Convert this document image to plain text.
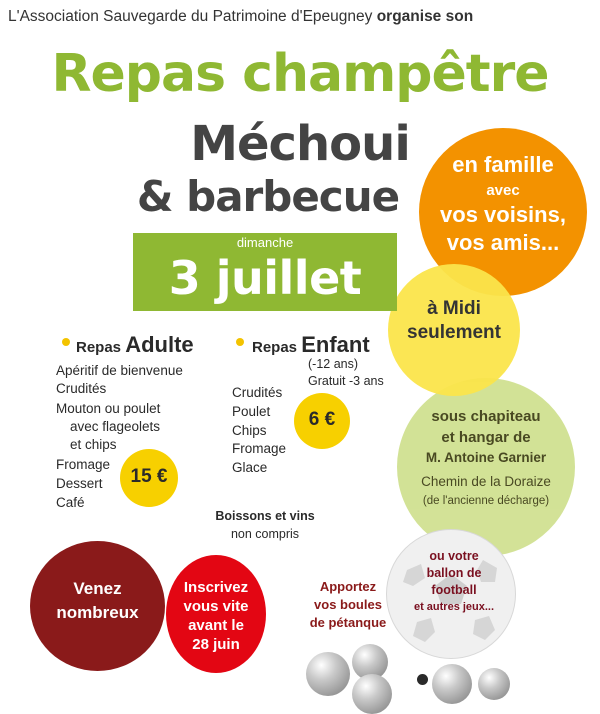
L'Association Sauvegarde du Patrimoine d'Epeugney organise son
Repas champêtre
Méchoui
& barbecue
en famille
avec
vos voisins,
vos amis...
sous chapiteau
et hangar de
M. Antoine Garnier
Chemin de la Doraize
(de l'ancienne décharge)
à Midi
seulement
dimanche
3 juillet
Repas Adulte
Apéritif de bienvenue
Crudités
Mouton ou poulet
avec flageolets
et chips
Fromage
Dessert
Café
15 €
Repas Enfant
(-12 ans)
Gratuit -3 ans
Crudités
Poulet
Chips
Fromage
Glace
6 €
Boissons et vins
non compris
Venez
nombreux
Inscrivez
vous vite
avant le
28 juin
Apportez
vos boules
de pétanque
ou votre
ballon de
football
et autres jeux...
